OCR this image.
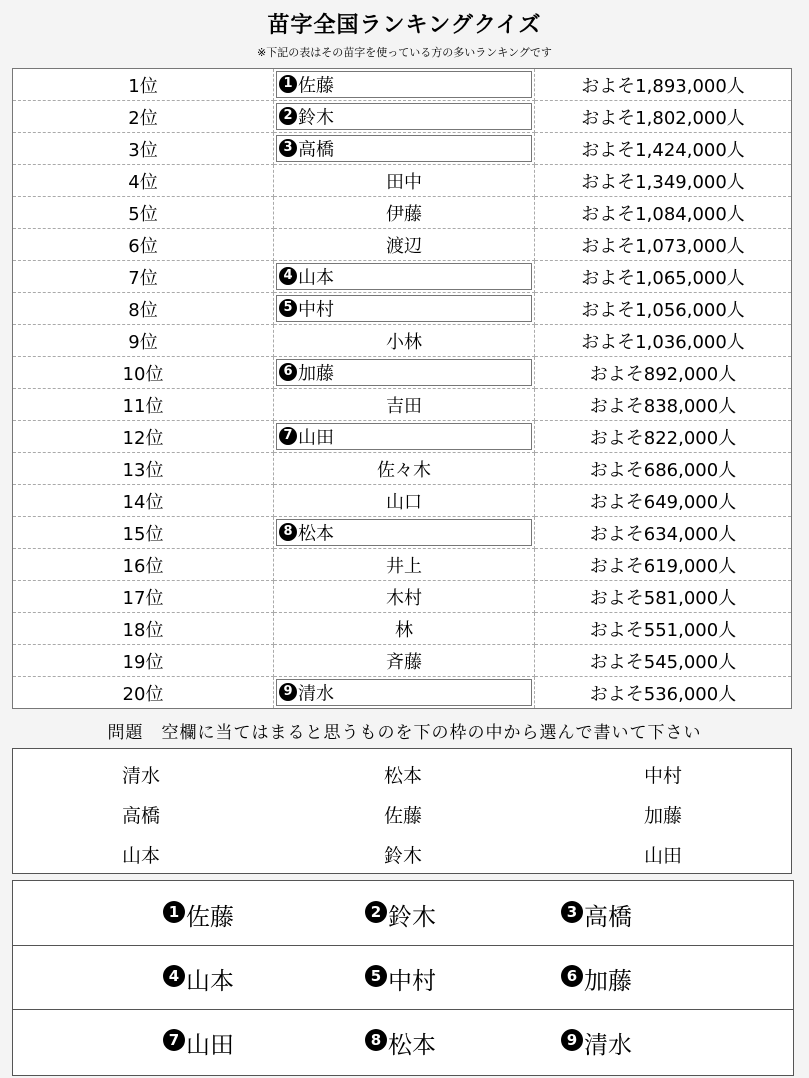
苗字全国ランキングクイズ
※下記の表はその苗字を使っている方の多いランキングです
1位	1 佐藤	およそ1,893,000人
2位	2 鈴木	およそ1,802,000人
3位	3 高橋	およそ1,424,000人
4位	田中	およそ1,349,000人
5位	伊藤	およそ1,084,000人
6位	渡辺	およそ1,073,000人
7位	4 山本	およそ1,065,000人
8位	5 中村	およそ1,056,000人
9位	小林	およそ1,036,000人
10位	6 加藤	およそ892,000人
11位	吉田	およそ838,000人
12位	7 山田	およそ822,000人
13位	佐々木	およそ686,000人
14位	山口	およそ649,000人
15位	8 松本	およそ634,000人
16位	井上	およそ619,000人
17位	木村	およそ581,000人
18位	林	およそ551,000人
19位	斉藤	およそ545,000人
20位	9 清水	およそ536,000人
問題　空欄に当てはまると思うものを下の枠の中から選んで書いて下さい
清水	松本	中村
高橋	佐藤	加藤
山本	鈴木	山田
1 佐藤	2 鈴木	3 高橋
4 山本	5 中村	6 加藤
7 山田	8 松本	9 清水
